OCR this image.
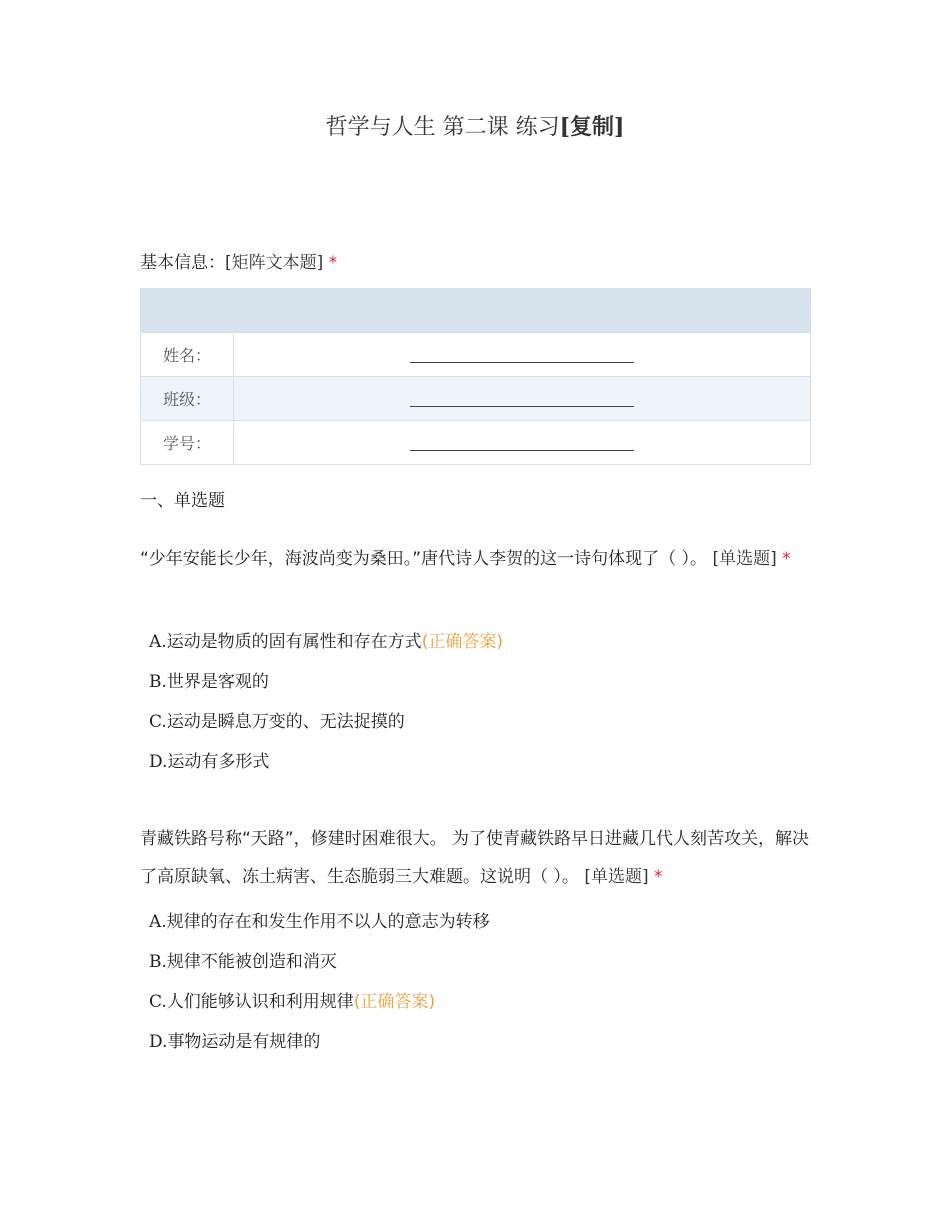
哲学与人生 第二课 练习[复制]
基本信息：[矩阵文本题] *

姓名：	
班级：	
学号：	
一、单选题
“少年安能长少年，海波尚变为桑田。”唐代诗人李贺的这一诗句体现了（ ）。 [单选题] *
A.运动是物质的固有属性和存在方式(正确答案)
B.世界是客观的
C.运动是瞬息万变的、无法捉摸的
D.运动有多形式
青藏铁路号称“天路”，修建时困难很大。 为了使青藏铁路早日进藏几代人刻苦攻关，解决了高原缺氧、冻土病害、生态脆弱三大难题。这说明（ ）。 [单选题] *
A.规律的存在和发生作用不以人的意志为转移
B.规律不能被创造和消灭
C.人们能够认识和利用规律(正确答案)
D.事物运动是有规律的
